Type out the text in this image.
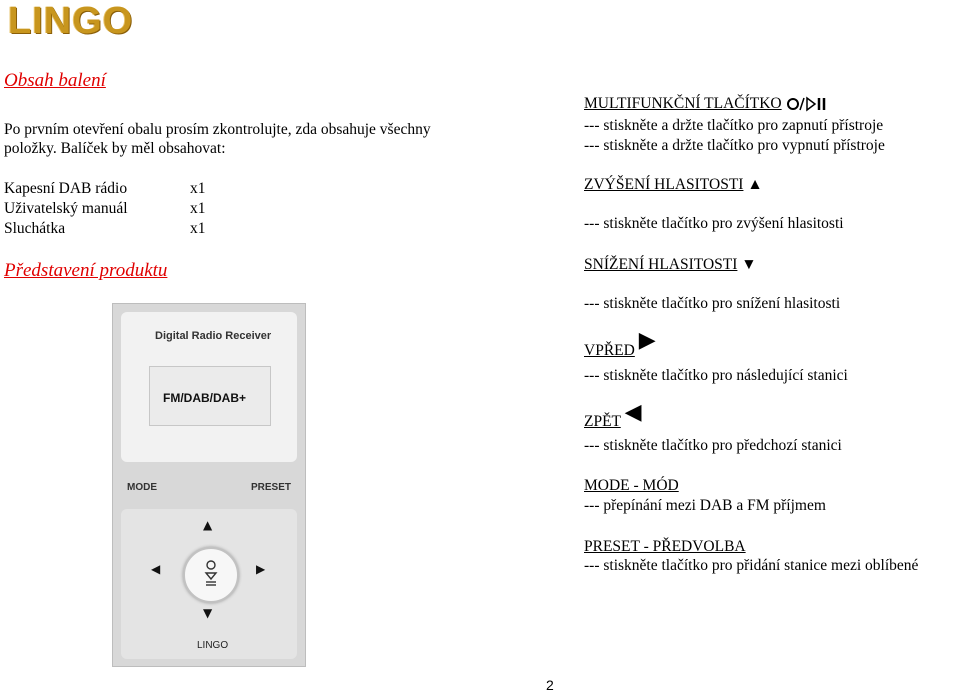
LINGO
Obsah balení
Po prvním otevření obalu prosím zkontrolujte, zda obsahuje všechny
položky. Balíček by měl obsahovat:
Kapesní DAB rádio	x1
Uživatelský manuál	x1
Sluchátka	x1
Představení produktu
Digital Radio Receiver
FM/DAB/DAB+
MODE	PRESET
▲
◀	▶
▼
LINGO
MULTIFUNKČNÍ TLAČÍTKO
--- stiskněte a držte tlačítko pro zapnutí přístroje
--- stiskněte a držte tlačítko pro vypnutí přístroje
ZVÝŠENÍ HLASITOSTI ▲
--- stiskněte tlačítko pro zvýšení hlasitosti
SNÍŽENÍ HLASITOSTI ▼
--- stiskněte tlačítko pro snížení hlasitosti
VPŘED ▶
--- stiskněte tlačítko pro následující stanici
ZPĚT ◀
--- stiskněte tlačítko pro předchozí stanici
MODE - MÓD
--- přepínání mezi DAB a FM příjmem
PRESET - PŘEDVOLBA
--- stiskněte tlačítko pro přidání stanice mezi oblíbené
2
